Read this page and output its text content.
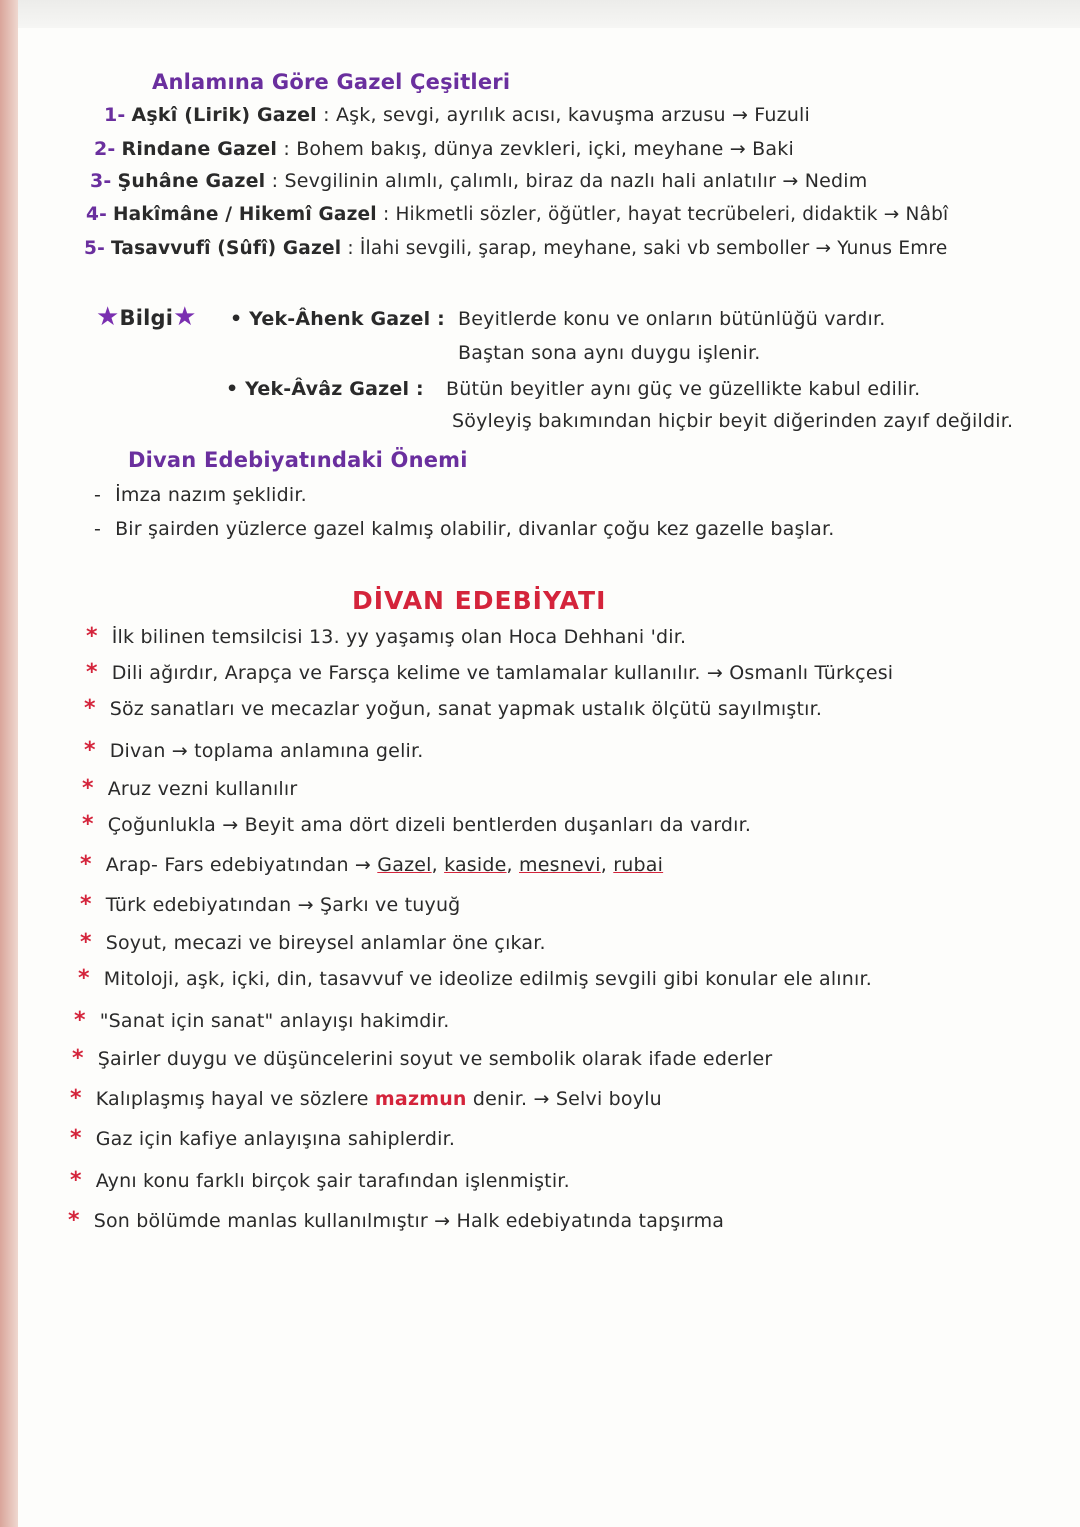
Anlamına Göre Gazel Çeşitleri
1- Aşkî (Lirik) Gazel : Aşk, sevgi, ayrılık acısı, kavuşma arzusu → Fuzuli
2- Rindane Gazel : Bohem bakış, dünya zevkleri, içki, meyhane → Baki
3- Şuhâne Gazel : Sevgilinin alımlı, çalımlı, biraz da nazlı hali anlatılır → Nedim
4- Hakîmâne / Hikemî Gazel : Hikmetli sözler, öğütler, hayat tecrübeleri, didaktik → Nâbî
5- Tasavvufî (Sûfî) Gazel : İlahi sevgili, şarap, meyhane, saki vb semboller → Yunus Emre
★Bilgi★ • Yek-Âhenk Gazel : Beyitlerde konu ve onların bütünlüğü vardır.
Baştan sona aynı duygu işlenir.
• Yek-Âvâz Gazel : Bütün beyitler aynı güç ve güzellikte kabul edilir.
Söyleyiş bakımından hiçbir beyit diğerinden zayıf değildir.
Divan Edebiyatındaki Önemi
- İmza nazım şeklidir.
- Bir şairden yüzlerce gazel kalmış olabilir, divanlar çoğu kez gazelle başlar.
DİVAN EDEBİYATI
* İlk bilinen temsilcisi 13. yy yaşamış olan Hoca Dehhani 'dir.
* Dili ağırdır, Arapça ve Farsça kelime ve tamlamalar kullanılır. → Osmanlı Türkçesi
* Söz sanatları ve mecazlar yoğun, sanat yapmak ustalık ölçütü sayılmıştır.
* Divan → toplama anlamına gelir.
* Aruz vezni kullanılır
* Çoğunlukla → Beyit ama dört dizeli bentlerden duşanları da vardır.
* Arap- Fars edebiyatından → Gazel, kaside, mesnevi, rubai
* Türk edebiyatından → Şarkı ve tuyuğ
* Soyut, mecazi ve bireysel anlamlar öne çıkar.
* Mitoloji, aşk, içki, din, tasavvuf ve ideolize edilmiş sevgili gibi konular ele alınır.
* "Sanat için sanat" anlayışı hakimdir.
* Şairler duygu ve düşüncelerini soyut ve sembolik olarak ifade ederler
* Kalıplaşmış hayal ve sözlere mazmun denir. → Selvi boylu
* Gaz için kafiye anlayışına sahiplerdir.
* Aynı konu farklı birçok şair tarafından işlenmiştir.
* Son bölümde manlas kullanılmıştır → Halk edebiyatında tapşırma
